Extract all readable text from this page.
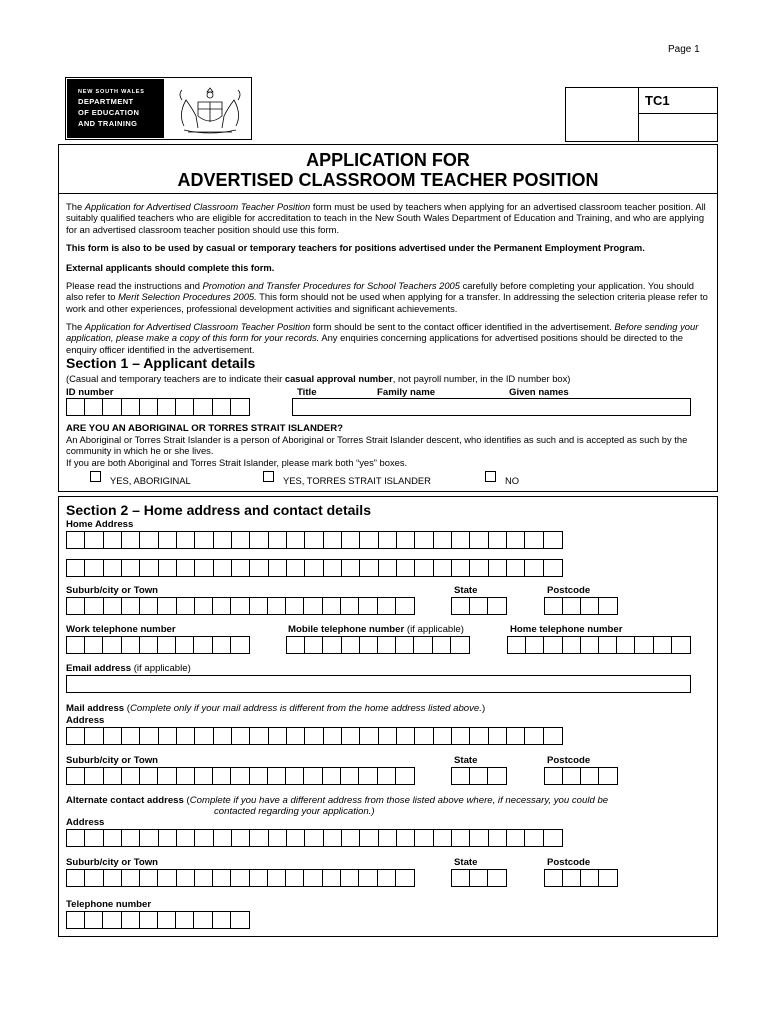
Page 1
NEW SOUTH WALES
DEPARTMENT
OF EDUCATION
AND TRAINING
TC1
APPLICATION FOR
ADVERTISED CLASSROOM TEACHER POSITION
The Application for Advertised Classroom Teacher Position form must be used by teachers when applying for an advertised classroom teacher position. All suitably qualified teachers who are eligible for accreditation to teach in the New South Wales Department of Education and Training, and who are applying for an advertised classroom teacher position should use this form.
This form is also to be used by casual or temporary teachers for positions advertised under the Permanent Employment Program.
External applicants should complete this form.
Please read the instructions and Promotion and Transfer Procedures for School Teachers 2005 carefully before completing your application. You should also refer to Merit Selection Procedures 2005. This form should not be used when applying for a transfer. In addressing the selection criteria please refer to work and other experiences, professional development activities and significant achievements.
The Application for Advertised Classroom Teacher Position form should be sent to the contact officer identified in the advertisement. Before sending your application, please make a copy of this form for your records. Any enquiries concerning applications for advertised positions should be directed to the enquiry officer identified in the advertisement.
Section 1 – Applicant details
(Casual and temporary teachers are to indicate their casual approval number, not payroll number, in the ID number box)
ID number	Title	Family name	Given names
ARE YOU AN ABORIGINAL OR TORRES STRAIT ISLANDER?
An Aboriginal or Torres Strait Islander is a person of Aboriginal or Torres Strait Islander descent, who identifies as such and is accepted as such by the community in which he or she lives.
If you are both Aboriginal and Torres Strait Islander, please mark both “yes” boxes.
YES, ABORIGINAL	YES, TORRES STRAIT ISLANDER	NO
Section 2 – Home address and contact details
Home Address
Suburb/city or Town	State	Postcode
Work telephone number	Mobile telephone number (if applicable)	Home telephone number
Email address (if applicable)
Mail address (Complete only if your mail address is different from the home address listed above.)
Address
Suburb/city or Town	State	Postcode
Alternate contact address (Complete if you have a different address from those listed above where, if necessary, you could be
contacted regarding your application.)
Address
Suburb/city or Town	State	Postcode
Telephone number
